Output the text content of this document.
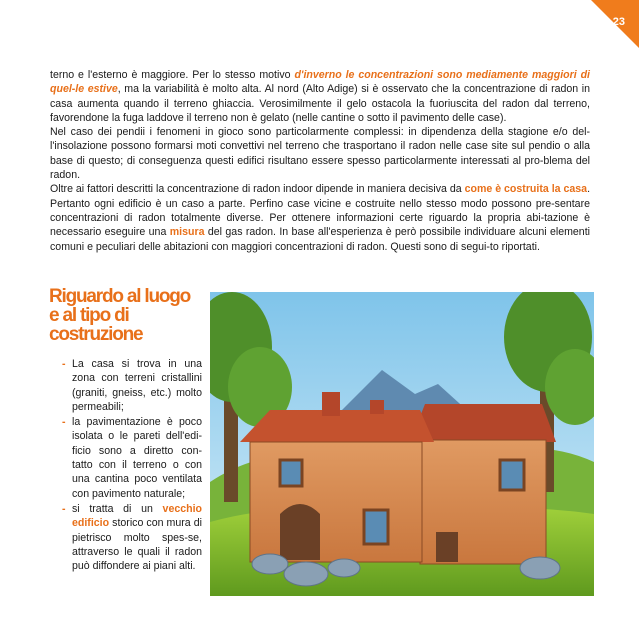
23

terno e l'esterno è maggiore. Per lo stesso motivo d'inverno le concentrazioni sono mediamente maggiori di quel-le estive, ma la variabilità è molto alta. Al nord (Alto Adige) si è osservato che la concentrazione di radon in casa aumenta quando il terreno ghiaccia. Verosimilmente il gelo ostacola la fuoriuscita del radon dal terreno, favorendone la fuga laddove il terreno non è gelato (nelle cantine o sotto il pavimento delle case).

Nel caso dei pendii i fenomeni in gioco sono particolarmente complessi: in dipendenza della stagione e/o del-l'insolazione possono formarsi moti convettivi nel terreno che trasportano il radon nelle case site sul pendio o alla base di questo; di conseguenza questi edifici risultano essere spesso particolarmente interessati al pro-blema del radon.

Oltre ai fattori descritti la concentrazione di radon indoor dipende in maniera decisiva da come è costruita la casa. Pertanto ogni edificio è un caso a parte. Perfino case vicine e costruite nello stesso modo possono pre-sentare concentrazioni di radon totalmente diverse. Per ottenere informazioni certe riguardo la propria abi-tazione è necessario eseguire una misura del gas radon. In base all'esperienza è però possibile individuare alcuni elementi comuni e peculiari delle abitazioni con maggiori concentrazioni di radon. Questi sono di segui-to riportati.

Riguardo al luogo
e al tipo di
costruzione
- La casa si trova in una zona con terreni cristallini (graniti, gneiss, etc.) molto permeabili;
- la pavimentazione è poco isolata o le pareti dell'edi-ficio sono a diretto con-tatto con il terreno o con una cantina poco ventilata con pavimento naturale;
- si tratta di un vecchio edificio storico con mura di pietrisco molto spes-se, attraverso le quali il radon può diffondere ai piani alti.
